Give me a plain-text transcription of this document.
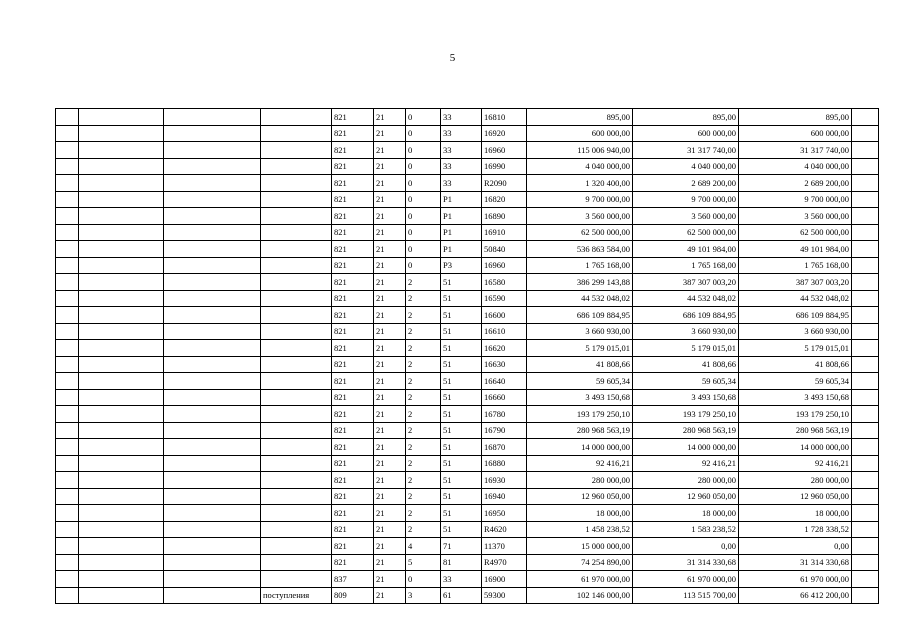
5
				821	21	0	33	16810	895,00	895,00	895,00	
				821	21	0	33	16920	600 000,00	600 000,00	600 000,00	
				821	21	0	33	16960	115 006 940,00	31 317 740,00	31 317 740,00	
				821	21	0	33	16990	4 040 000,00	4 040 000,00	4 040 000,00	
				821	21	0	33	R2090	1 320 400,00	2 689 200,00	2 689 200,00	
				821	21	0	P1	16820	9 700 000,00	9 700 000,00	9 700 000,00	
				821	21	0	P1	16890	3 560 000,00	3 560 000,00	3 560 000,00	
				821	21	0	P1	16910	62 500 000,00	62 500 000,00	62 500 000,00	
				821	21	0	P1	50840	536 863 584,00	49 101 984,00	49 101 984,00	
				821	21	0	P3	16960	1 765 168,00	1 765 168,00	1 765 168,00	
				821	21	2	51	16580	386 299 143,88	387 307 003,20	387 307 003,20	
				821	21	2	51	16590	44 532 048,02	44 532 048,02	44 532 048,02	
				821	21	2	51	16600	686 109 884,95	686 109 884,95	686 109 884,95	
				821	21	2	51	16610	3 660 930,00	3 660 930,00	3 660 930,00	
				821	21	2	51	16620	5 179 015,01	5 179 015,01	5 179 015,01	
				821	21	2	51	16630	41 808,66	41 808,66	41 808,66	
				821	21	2	51	16640	59 605,34	59 605,34	59 605,34	
				821	21	2	51	16660	3 493 150,68	3 493 150,68	3 493 150,68	
				821	21	2	51	16780	193 179 250,10	193 179 250,10	193 179 250,10	
				821	21	2	51	16790	280 968 563,19	280 968 563,19	280 968 563,19	
				821	21	2	51	16870	14 000 000,00	14 000 000,00	14 000 000,00	
				821	21	2	51	16880	92 416,21	92 416,21	92 416,21	
				821	21	2	51	16930	280 000,00	280 000,00	280 000,00	
				821	21	2	51	16940	12 960 050,00	12 960 050,00	12 960 050,00	
				821	21	2	51	16950	18 000,00	18 000,00	18 000,00	
				821	21	2	51	R4620	1 458 238,52	1 583 238,52	1 728 338,52	
				821	21	4	71	11370	15 000 000,00	0,00	0,00	
				821	21	5	81	R4970	74 254 890,00	31 314 330,68	31 314 330,68	
				837	21	0	33	16900	61 970 000,00	61 970 000,00	61 970 000,00	
			поступления	809	21	3	61	59300	102 146 000,00	113 515 700,00	66 412 200,00	
